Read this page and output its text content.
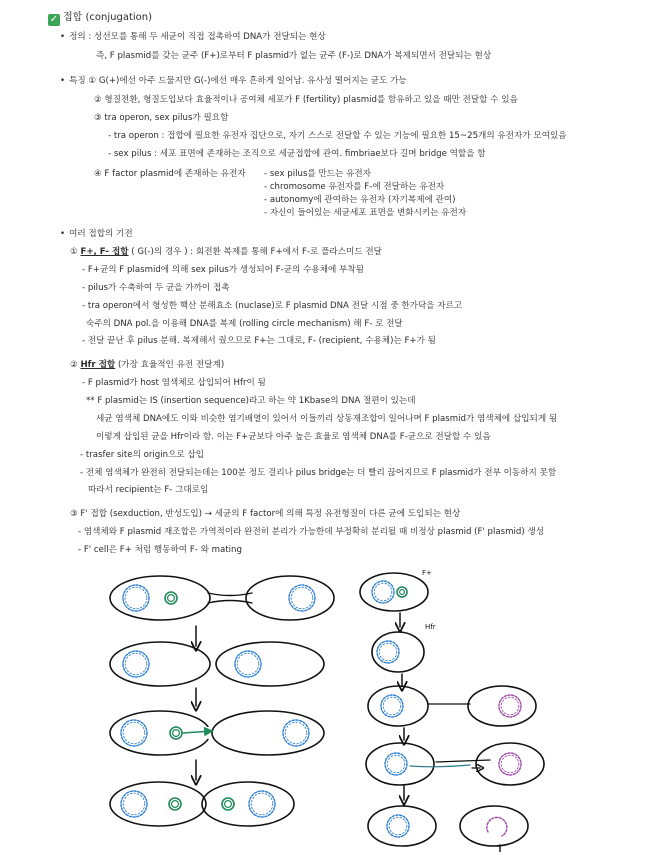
✓ 접합 (conjugation)
• 정의 : 성선모를 통해 두 세균이 직접 접촉하여 DNA가 전달되는 현상
즉, F plasmid를 갖는 균주 (F+)로부터 F plasmid가 없는 균주 (F-)로 DNA가 복제되면서 전달되는 현상
• 특징 ① G(+)에선 아주 드물지만 G(-)에선 매우 흔하게 일어남. 유사성 떨어지는 균도 가능
② 형질전환, 형질도입보다 효율적이나 공여체 세포가 F (fertility) plasmid를 함유하고 있을 때만 전달할 수 있음
③ tra operon, sex pilus가 필요함
- tra operon : 접합에 필요한 유전자 집단으로, 자기 스스로 전달할 수 있는 기능에 필요한 15~25개의 유전자가 모여있음
- sex pilus : 세포 표면에 존재하는 조직으로 세균접합에 관여. fimbriae보다 길며 bridge 역할을 함
④ F factor plasmid에 존재하는 유전자 - sex pilus를 만드는 유전자
- chromosome 유전자를 F-에 전달하는 유전자
- autonomy에 관여하는 유전자 (자기복제에 관여)
- 자신이 들어있는 세균세포 표면을 변화시키는 유전자
• 여러 접합의 기전
① F+, F- 접합 ( G(-)의 경우 ) : 회전환 복제를 통해 F+에서 F-로 플라스미드 전달
- F+균의 F plasmid에 의해 sex pilus가 생성되어 F-균의 수용체에 부착됨
- pilus가 수축하여 두 균을 가까이 접촉
- tra operon에서 형성한 핵산 분해효소 (nuclase)로 F plasmid DNA 전달 시점 중 한가닥을 자르고
숙주의 DNA pol.을 이용해 DNA를 복제 (rolling circle mechanism) 해 F- 로 전달
- 전달 끝난 후 pilus 분해. 복제해서 줬으므로 F+는 그대로, F- (recipient, 수용체)는 F+가 됨
② Hfr 접합 (가장 효율적인 유전 전달계)
- F plasmid가 host 염색체로 삽입되어 Hfr이 됨
** F plasmid는 IS (insertion sequence)라고 하는 약 1Kbase의 DNA 절편이 있는데
세균 염색체 DNA에도 이와 비슷한 염기배열이 있어서 이들끼리 상동재조합이 일어나며 F plasmid가 염색체에 삽입되게 됨
이렇게 삽입된 균을 Hfr이라 함. 이는 F+균보다 아주 높은 효율로 염색체 DNA를 F-균으로 전달할 수 있음
- trasfer site의 origin으로 삽입
- 전체 염색체가 완전히 전달되는데는 100분 정도 걸리나 pilus bridge는 더 빨리 끊어지므로 F plasmid가 전부 이동하지 못함
따라서 recipient는 F- 그대로임
③ F' 접합 (sexduction, 반성도입) → 세균의 F factor에 의해 특정 유전형질이 다른 균에 도입되는 현상
- 염색체와 F plasmid 재조합은 가역적이라 완전히 분리가 가능한데 부정확히 분리될 때 비정상 plasmid (F' plasmid) 생성
- F' cell은 F+ 처럼 행동하여 F- 와 mating
F+
Hfr
